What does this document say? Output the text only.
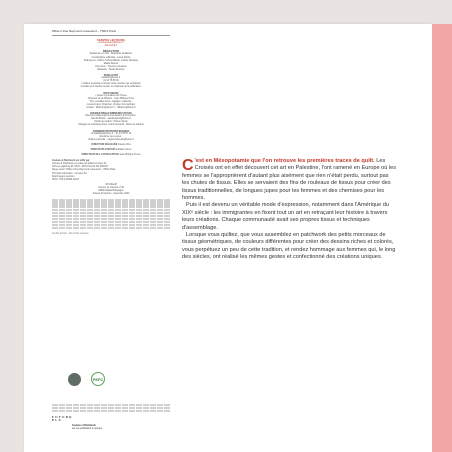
56bis-1 Rue Raymond Losserand – 75014 Paris
SERVICE LECTEURS
service-lecteur@future.fr
Stemming.fr
RÉDACTION
Rédactrice en chef : Stéphanie Guillaume
Coordinatrice éditoriale : Laura Rochè
Traducteurs : Marion Schwendtbark, Juliette Mouquet,
Maëlle Bouvet
Correcteur : Franck Lerouleaux
Maquette : Studio Erasoon
PUBLICITÉ
publicite@future.fr
01 14 78 68 00
L'éditeur s'autorise à refuser toute insertion qui semblerait
contraire aux intérêts moraux ou matériels de la publication.
DIFFUSION
• presse Lyonnaises de Presse
Directeur de la diffusion : Jean-Philippe Pruvi
Titre, emballés livres, réglages, réassorts :
Louis-Amaury Chambert, Virginie Somnambule
Contact : diffusion@future.fr – diffusion@future.fr
MARKETING/COMMUNICATION
Directrice Marketing/Communication & Promotion :
Sandra Boiral – sandra.boiral@future.fr
Cheffe de produit : Hélène Simon
Chargée de marketing direct et abonnements : Marie de Cambre
ADMINISTRATION/FINANCE
comptabilite@future.fr – 01 44 78 87 10
Directrice des ventes :
Virginie Latruelle – virginie.latruelle@future.fr
DIRECTION DÉLÉGUÉE Claude Olivi
DIRECTEUR ASSOCIÉ Nathalie Cohen
DIRECTEUR DE LA PUBLICATION Jean-Philippe Pruvot
Couture & Patchwork est édité par
Couture & Patchwork est édité par Éditions Future 21,
SAS au capital de 96 726 € • RCS Paris B 331 389 507
Siège social : 56bis-1 Rue Raymond Losserand – 75014 Paris
Principal actionnaire : Grouper SA
Dépôt légal à parution
ISSN : 978-2-38484-816-8
JOUNGAM
Chemin de Carnaris n°18
28000 Malakoff Espagne
Achevé d'imprimer : décembre 2024
Crédits photos : Nos droits réservés
PEFC
F U T U R E
P L C
Couture et Patchwork
est une publication du groupe

C 'est en Mésopotamie que l'on retrouve les premières traces de quilt. Les Croisés ont en effet découvert cet art en Palestine, l'ont ramené en Europe où les femmes se l'approprièrent d'autant plus aisément que rien n'était perdu, surtout pas les chutes de tissus. Elles se servaient des fins de rouleaux de tissus pour créer des tissus traditionnelles, de longues jupes pour les femmes et des chemises pour les hommes.

Puis il est devenu un véritable mode d'expression, notamment dans l'Amérique du XIXᵉ siècle : les immigrantes en fixent tout un art en retraçant leur histoire à travers leurs créations. Chaque communauté avait ses propres tissus et techniques d'assemblage.

Lorsque vous quiltez, que vous assemblez en patchwork des petits morceaux de tissus géométriques, de couleurs différentes pour créer des dessins riches et colorés, vous perpétuez un peu de cette tradition, et rendez hommage aux femmes qui, le long des siècles, ont réalisé les mêmes gestes et confectionné des créations uniques.
